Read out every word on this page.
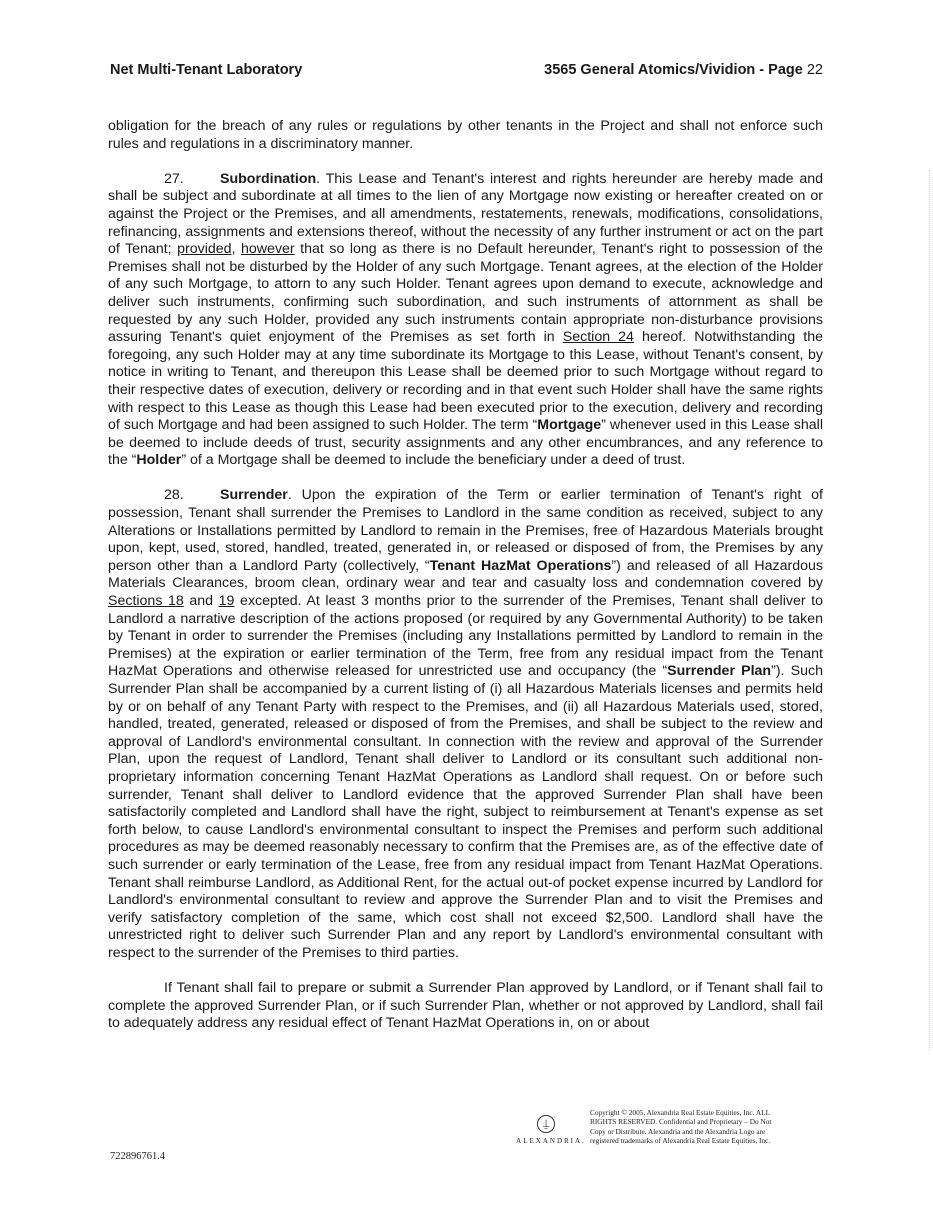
Net Multi-Tenant Laboratory	3565 General Atomics/Vividion - Page 22

obligation for the breach of any rules or regulations by other tenants in the Project and shall not enforce such rules and regulations in a discriminatory manner.

27.	Subordination. This Lease and Tenant's interest and rights hereunder are hereby made and shall be subject and subordinate at all times to the lien of any Mortgage now existing or hereafter created on or against the Project or the Premises, and all amendments, restatements, renewals, modifications, consolidations, refinancing, assignments and extensions thereof, without the necessity of any further instrument or act on the part of Tenant; provided, however that so long as there is no Default hereunder, Tenant's right to possession of the Premises shall not be disturbed by the Holder of any such Mortgage. Tenant agrees, at the election of the Holder of any such Mortgage, to attorn to any such Holder. Tenant agrees upon demand to execute, acknowledge and deliver such instruments, confirming such subordination, and such instruments of attornment as shall be requested by any such Holder, provided any such instruments contain appropriate non-disturbance provisions assuring Tenant's quiet enjoyment of the Premises as set forth in Section 24 hereof. Notwithstanding the foregoing, any such Holder may at any time subordinate its Mortgage to this Lease, without Tenant's consent, by notice in writing to Tenant, and thereupon this Lease shall be deemed prior to such Mortgage without regard to their respective dates of execution, delivery or recording and in that event such Holder shall have the same rights with respect to this Lease as though this Lease had been executed prior to the execution, delivery and recording of such Mortgage and had been assigned to such Holder. The term “Mortgage” whenever used in this Lease shall be deemed to include deeds of trust, security assignments and any other encumbrances, and any reference to the “Holder” of a Mortgage shall be deemed to include the beneficiary under a deed of trust.

28.	Surrender. Upon the expiration of the Term or earlier termination of Tenant's right of possession, Tenant shall surrender the Premises to Landlord in the same condition as received, subject to any Alterations or Installations permitted by Landlord to remain in the Premises, free of Hazardous Materials brought upon, kept, used, stored, handled, treated, generated in, or released or disposed of from, the Premises by any person other than a Landlord Party (collectively, “Tenant HazMat Operations”) and released of all Hazardous Materials Clearances, broom clean, ordinary wear and tear and casualty loss and condemnation covered by Sections 18 and 19 excepted. At least 3 months prior to the surrender of the Premises, Tenant shall deliver to Landlord a narrative description of the actions proposed (or required by any Governmental Authority) to be taken by Tenant in order to surrender the Premises (including any Installations permitted by Landlord to remain in the Premises) at the expiration or earlier termination of the Term, free from any residual impact from the Tenant HazMat Operations and otherwise released for unrestricted use and occupancy (the “Surrender Plan”). Such Surrender Plan shall be accompanied by a current listing of (i) all Hazardous Materials licenses and permits held by or on behalf of any Tenant Party with respect to the Premises, and (ii) all Hazardous Materials used, stored, handled, treated, generated, released or disposed of from the Premises, and shall be subject to the review and approval of Landlord's environmental consultant. In connection with the review and approval of the Surrender Plan, upon the request of Landlord, Tenant shall deliver to Landlord or its consultant such additional non-proprietary information concerning Tenant HazMat Operations as Landlord shall request. On or before such surrender, Tenant shall deliver to Landlord evidence that the approved Surrender Plan shall have been satisfactorily completed and Landlord shall have the right, subject to reimbursement at Tenant's expense as set forth below, to cause Landlord's environmental consultant to inspect the Premises and perform such additional procedures as may be deemed reasonably necessary to confirm that the Premises are, as of the effective date of such surrender or early termination of the Lease, free from any residual impact from Tenant HazMat Operations. Tenant shall reimburse Landlord, as Additional Rent, for the actual out-of pocket expense incurred by Landlord for Landlord's environmental consultant to review and approve the Surrender Plan and to visit the Premises and verify satisfactory completion of the same, which cost shall not exceed $2,500. Landlord shall have the unrestricted right to deliver such Surrender Plan and any report by Landlord's environmental consultant with respect to the surrender of the Premises to third parties.

If Tenant shall fail to prepare or submit a Surrender Plan approved by Landlord, or if Tenant shall fail to complete the approved Surrender Plan, or if such Surrender Plan, whether or not approved by Landlord, shall fail to adequately address any residual effect of Tenant HazMat Operations in, on or about

⍊
ALEXANDRIA.
Copyright © 2005, Alexandria Real Estate Equities, Inc. ALL
RIGHTS RESERVED. Confidential and Proprietary – Do Not
Copy or Distribute. Alexandria and the Alexandria Logo are
registered trademarks of Alexandria Real Estate Equities, Inc.
722896761.4
